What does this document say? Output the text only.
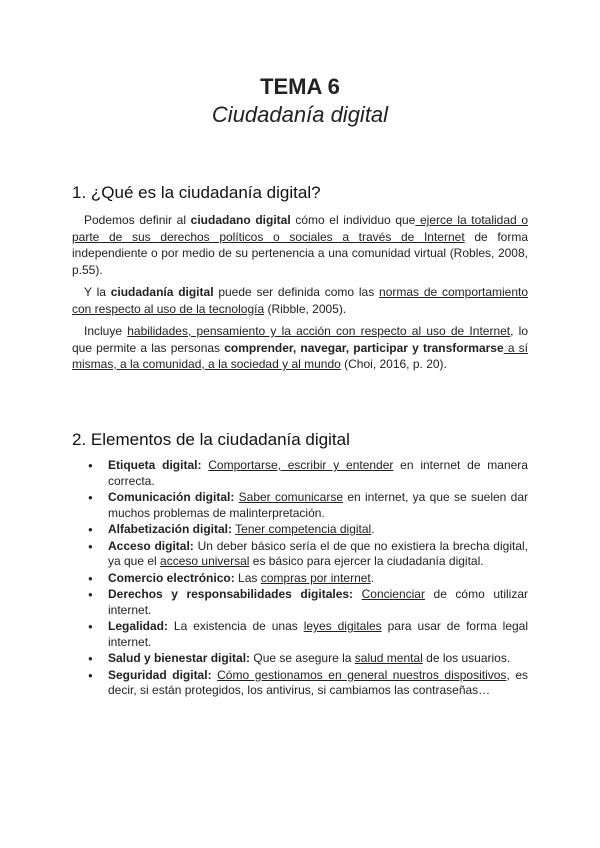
TEMA 6

Ciudadanía digital

1. ¿Qué es la ciudadanía digital?

Podemos definir al ciudadano digital cómo el individuo que ejerce la totalidad o parte de sus derechos políticos o sociales a través de Internet de forma independiente o por medio de su pertenencia a una comunidad virtual (Robles, 2008, p.55).

Y la ciudadanía digital puede ser definida como las normas de comportamiento con respecto al uso de la tecnología (Ribble, 2005).

Incluye habilidades, pensamiento y la acción con respecto al uso de Internet, lo que permite a las personas comprender, navegar, participar y transformarse a sí mismas, a la comunidad, a la sociedad y al mundo (Choi, 2016, p. 20).

2. Elementos de la ciudadanía digital
● Etiqueta digital: Comportarse, escribir y entender en internet de manera correcta.
● Comunicación digital: Saber comunicarse en internet, ya que se suelen dar muchos problemas de malinterpretación.
● Alfabetización digital: Tener competencia digital.
● Acceso digital: Un deber básico sería el de que no existiera la brecha digital, ya que el acceso universal es básico para ejercer la ciudadanía digital.
● Comercio electrónico: Las compras por internet.
● Derechos y responsabilidades digitales: Concienciar de cómo utilizar internet.
● Legalidad: La existencia de unas leyes digitales para usar de forma legal internet.
● Salud y bienestar digital: Que se asegure la salud mental de los usuarios.
● Seguridad digital: Cómo gestionamos en general nuestros dispositivos, es decir, si están protegidos, los antivirus, si cambiamos las contraseñas…
